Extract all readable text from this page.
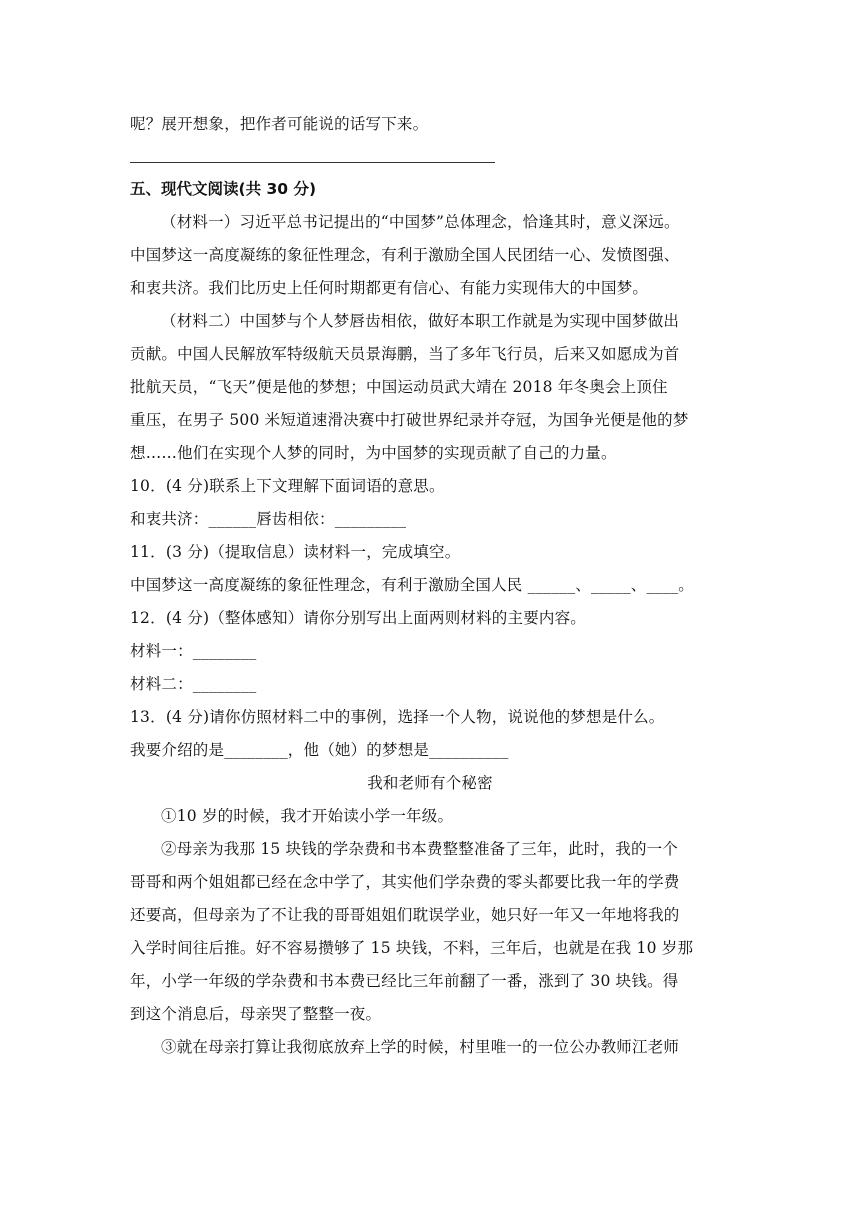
呢？展开想象，把作者可能说的话写下来。
五、现代文阅读(共 30 分)
（材料一）习近平总书记提出的“中国梦”总体理念，恰逢其时，意义深远。
中国梦这一高度凝练的象征性理念，有利于激励全国人民团结一心、发愤图强、
和衷共济。我们比历史上任何时期都更有信心、有能力实现伟大的中国梦。
（材料二）中国梦与个人梦唇齿相依，做好本职工作就是为实现中国梦做出
贡献。中国人民解放军特级航天员景海鹏，当了多年飞行员，后来又如愿成为首
批航天员，“飞天”便是他的梦想；中国运动员武大靖在 2018 年冬奥会上顶住
重压，在男子 500 米短道速滑决赛中打破世界纪录并夺冠，为国争光便是他的梦
想……他们在实现个人梦的同时，为中国梦的实现贡献了自己的力量。
10．(4 分)联系上下文理解下面词语的意思。
和衷共济：______唇齿相依：_________
11．(3 分)（提取信息）读材料一，完成填空。
中国梦这一高度凝练的象征性理念，有利于激励全国人民 ______、_____、____。
12．(4 分)（整体感知）请你分别写出上面两则材料的主要内容。
材料一：________
材料二：________
13．(4 分)请你仿照材料二中的事例，选择一个人物，说说他的梦想是什么。
我要介绍的是________，他（她）的梦想是__________
我和老师有个秘密
①10 岁的时候，我才开始读小学一年级。
②母亲为我那 15 块钱的学杂费和书本费整整准备了三年，此时，我的一个
哥哥和两个姐姐都已经在念中学了，其实他们学杂费的零头都要比我一年的学费
还要高，但母亲为了不让我的哥哥姐姐们耽误学业，她只好一年又一年地将我的
入学时间往后推。好不容易攒够了 15 块钱，不料，三年后，也就是在我 10 岁那
年，小学一年级的学杂费和书本费已经比三年前翻了一番，涨到了 30 块钱。得
到这个消息后，母亲哭了整整一夜。
③就在母亲打算让我彻底放弃上学的时候，村里唯一的一位公办教师江老师
